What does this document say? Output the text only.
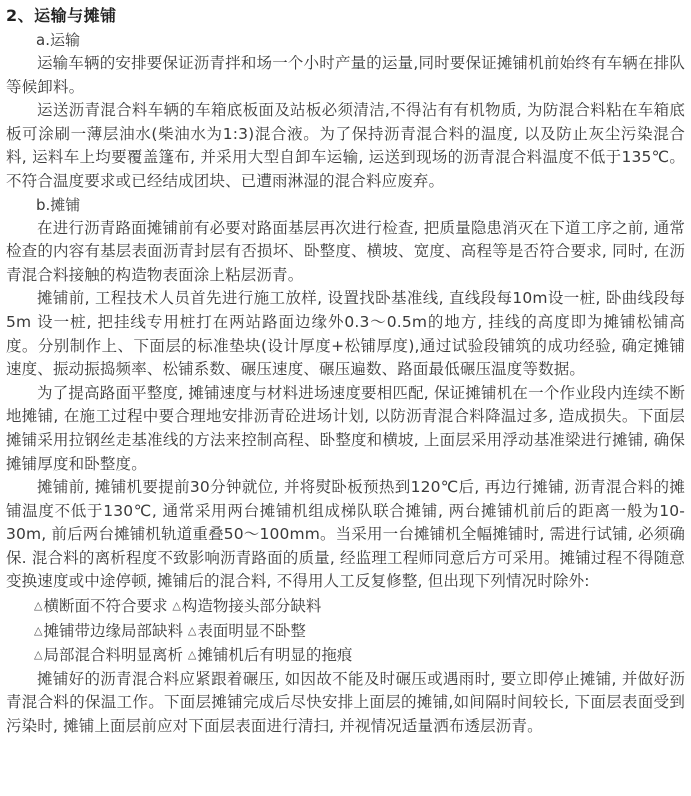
2、运输与摊铺

a.运输

运输车辆的安排要保证沥青拌和场一个小时产量的运量,同时要保证摊铺机前始终有车辆在排队等候卸料。

运送沥青混合料车辆的车箱底板面及站板必须清洁,不得沾有有机物质, 为防混合料粘在车箱底板可涂刷一薄层油水(柴油水为1:3)混合液。为了保持沥青混合料的温度, 以及防止灰尘污染混合料, 运料车上均要覆盖篷布, 并采用大型自卸车运输, 运送到现场的沥青混合料温度不低于135℃。不符合温度要求或已经结成团块、已遭雨淋湿的混合料应废弃。

b.摊铺

在进行沥青路面摊铺前有必要对路面基层再次进行检查, 把质量隐患消灭在下道工序之前, 通常检查的内容有基层表面沥青封层有否损坏、卧整度、横坡、宽度、高程等是否符合要求, 同时, 在沥青混合料接触的构造物表面涂上粘层沥青。

摊铺前, 工程技术人员首先进行施工放样, 设置找卧基准线, 直线段每10m设一桩, 卧曲线段每5m 设一桩, 把挂线专用桩打在两站路面边缘外0.3～0.5m的地方, 挂线的高度即为摊铺松铺高度。分别制作上、下面层的标准垫块(设计厚度+松铺厚度),通过试验段铺筑的成功经验, 确定摊铺速度、振动振捣频率、松铺系数、碾压速度、碾压遍数、路面最低碾压温度等数据。

为了提高路面平整度, 摊铺速度与材料进场速度要相匹配, 保证摊铺机在一个作业段内连续不断地摊铺, 在施工过程中要合理地安排沥青砼进场计划, 以防沥青混合料降温过多, 造成损失。下面层摊铺采用拉钢丝走基准线的方法来控制高程、卧整度和横坡, 上面层采用浮动基准梁进行摊铺, 确保摊铺厚度和卧整度。

摊铺前, 摊铺机要提前30分钟就位, 并将熨卧板预热到120℃后, 再边行摊铺, 沥青混合料的摊铺温度不低于130℃, 通常采用两台摊铺机组成梯队联合摊铺, 两台摊铺机前后的距离一般为10-30m, 前后两台摊铺机轨道重叠50～100mm。当采用一台摊铺机全幅摊铺时, 需进行试铺, 必须确保. 混合料的离析程度不致影响沥青路面的质量, 经监理工程师同意后方可采用。摊铺过程不得随意变换速度或中途停顿, 摊铺后的混合料, 不得用人工反复修整, 但出现下列情况时除外:

△横断面不符合要求 △构造物接头部分缺料
△摊铺带边缘局部缺料 △表面明显不卧整
△局部混合料明显离析 △摊铺机后有明显的拖痕

摊铺好的沥青混合料应紧跟着碾压, 如因故不能及时碾压或遇雨时, 要立即停止摊铺, 并做好沥青混合料的保温工作。下面层摊铺完成后尽快安排上面层的摊铺,如间隔时间较长, 下面层表面受到污染时, 摊铺上面层前应对下面层表面进行清扫, 并视情况适量洒布透层沥青。
